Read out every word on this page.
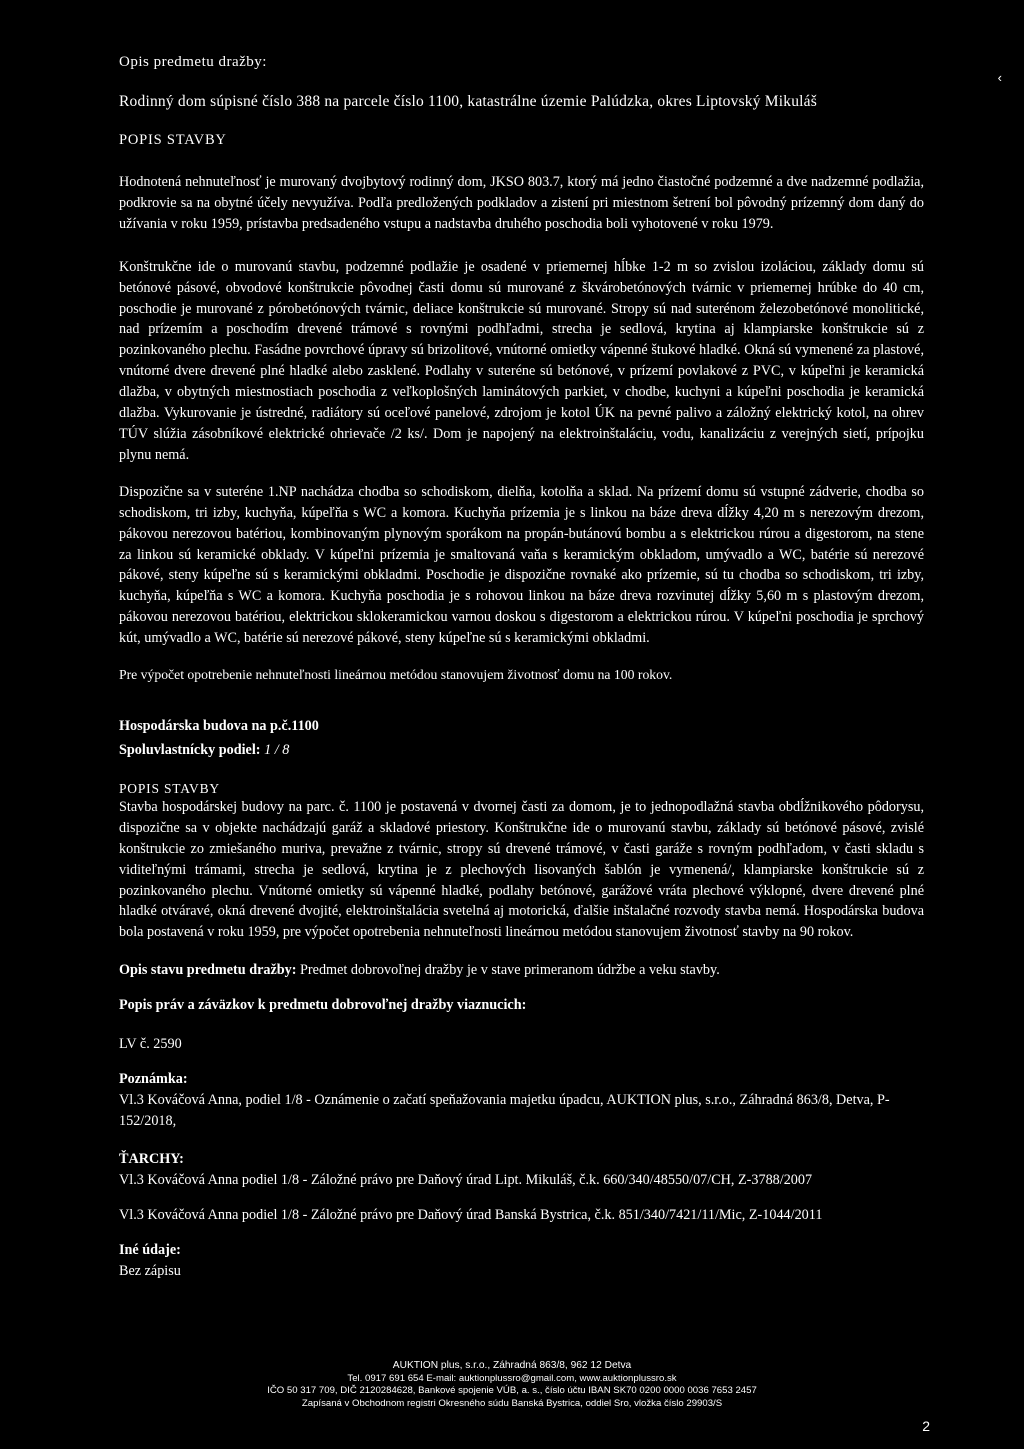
‹

Opis predmetu dražby:

Rodinný dom súpisné číslo 388 na parcele číslo 1100, katastrálne územie Palúdzka, okres Liptovský Mikuláš

POPIS STAVBY

Hodnotená nehnuteľnosť je murovaný dvojbytový rodinný dom, JKSO 803.7, ktorý má jedno čiastočné podzemné a dve nadzemné podlažia, podkrovie sa na obytné účely nevyužíva. Podľa predložených podkladov a zistení pri miestnom šetrení bol pôvodný prízemný dom daný do užívania v roku 1959, prístavba predsadeného vstupu a nadstavba druhého poschodia boli vyhotovené v roku 1979.

Konštrukčne ide o murovanú stavbu, podzemné podlažie je osadené v priemernej hĺbke 1-2 m so zvislou izoláciou, základy domu sú betónové pásové, obvodové konštrukcie pôvodnej časti domu sú murované z škvárobetónových tvárnic v priemernej hrúbke do 40 cm, poschodie je murované z pórobetónových tvárnic, deliace konštrukcie sú murované. Stropy sú nad suterénom železobetónové monolitické, nad prízemím a poschodím drevené trámové s rovnými podhľadmi, strecha je sedlová, krytina aj klampiarske konštrukcie sú z pozinkovaného plechu. Fasádne povrchové úpravy sú brizolitové, vnútorné omietky vápenné štukové hladké. Okná sú vymenené za plastové, vnútorné dvere drevené plné hladké alebo zasklené. Podlahy v suteréne sú betónové, v prízemí povlakové z PVC, v kúpeľni je keramická dlažba, v obytných miestnostiach poschodia z veľkoplošných laminátových parkiet, v chodbe, kuchyni a kúpeľni poschodia je keramická dlažba. Vykurovanie je ústredné, radiátory sú oceľové panelové, zdrojom je kotol ÚK na pevné palivo a záložný elektrický kotol, na ohrev TÚV slúžia zásobníkové elektrické ohrievače /2 ks/. Dom je napojený na elektroinštaláciu, vodu, kanalizáciu z verejných sietí, prípojku plynu nemá.

Dispozične sa v suteréne 1.NP nachádza chodba so schodiskom, dielňa, kotolňa a sklad. Na prízemí domu sú vstupné zádverie, chodba so schodiskom, tri izby, kuchyňa, kúpeľňa s WC a komora. Kuchyňa prízemia je s linkou na báze dreva dĺžky 4,20 m s nerezovým drezom, pákovou nerezovou batériou, kombinovaným plynovým sporákom na propán-butánovú bombu a s elektrickou rúrou a digestorom, na stene za linkou sú keramické obklady. V kúpeľni prízemia je smaltovaná vaňa s keramickým obkladom, umývadlo a WC, batérie sú nerezové pákové, steny kúpeľne sú s keramickými obkladmi. Poschodie je dispozične rovnaké ako prízemie, sú tu chodba so schodiskom, tri izby, kuchyňa, kúpeľňa s WC a komora. Kuchyňa poschodia je s rohovou linkou na báze dreva rozvinutej dĺžky 5,60 m s plastovým drezom, pákovou nerezovou batériou, elektrickou sklokeramickou varnou doskou s digestorom a elektrickou rúrou. V kúpeľni poschodia je sprchový kút, umývadlo a WC, batérie sú nerezové pákové, steny kúpeľne sú s keramickými obkladmi.

Pre výpočet opotrebenie nehnuteľnosti lineárnou metódou stanovujem životnosť domu na 100 rokov.

Hospodárska budova na p.č.1100

Spoluvlastnícky podiel: 1 / 8

POPIS STAVBY

Stavba hospodárskej budovy na parc. č. 1100 je postavená v dvornej časti za domom, je to jednopodlažná stavba obdĺžnikového pôdorysu, dispozične sa v objekte nachádzajú garáž a skladové priestory. Konštrukčne ide o murovanú stavbu, základy sú betónové pásové, zvislé konštrukcie zo zmiešaného muriva, prevažne z tvárnic, stropy sú drevené trámové, v časti garáže s rovným podhľadom, v časti skladu s viditeľnými trámami, strecha je sedlová, krytina je z plechových lisovaných šablón je vymenená/, klampiarske konštrukcie sú z pozinkovaného plechu. Vnútorné omietky sú vápenné hladké, podlahy betónové, garážové vráta plechové výklopné, dvere drevené plné hladké otváravé, okná drevené dvojité, elektroinštalácia svetelná aj motorická, ďalšie inštalačné rozvody stavba nemá. Hospodárska budova bola postavená v roku 1959, pre výpočet opotrebenia nehnuteľnosti lineárnou metódou stanovujem životnosť stavby na 90 rokov.

Opis stavu predmetu dražby: Predmet dobrovoľnej dražby je v stave primeranom údržbe a veku stavby.

Popis práv a záväzkov k predmetu dobrovoľnej dražby viaznucich:

LV č. 2590

Poznámka:

Vl.3 Kováčová Anna, podiel 1/8 - Oznámenie o začatí speňažovania majetku úpadcu, AUKTION plus, s.r.o., Záhradná 863/8, Detva, P-152/2018,

ŤARCHY:

Vl.3 Kováčová Anna podiel 1/8 - Záložné právo pre Daňový úrad Lipt. Mikuláš, č.k. 660/340/48550/07/CH, Z-3788/2007

Vl.3 Kováčová Anna podiel 1/8 - Záložné právo pre Daňový úrad Banská Bystrica, č.k. 851/340/7421/11/Mic, Z-1044/2011

Iné údaje:

Bez zápisu

AUKTION plus, s.r.o., Záhradná 863/8, 962 12 Detva
Tel. 0917 691 654 E-mail: auktionplussro@gmail.com, www.auktionplussro.sk
IČO 50 317 709, DIČ 2120284628, Bankové spojenie VÚB, a. s., číslo účtu IBAN SK70 0200 0000 0036 7653 2457
Zapísaná v Obchodnom registri Okresného súdu Banská Bystrica, oddiel Sro, vložka číslo 29903/S
2
